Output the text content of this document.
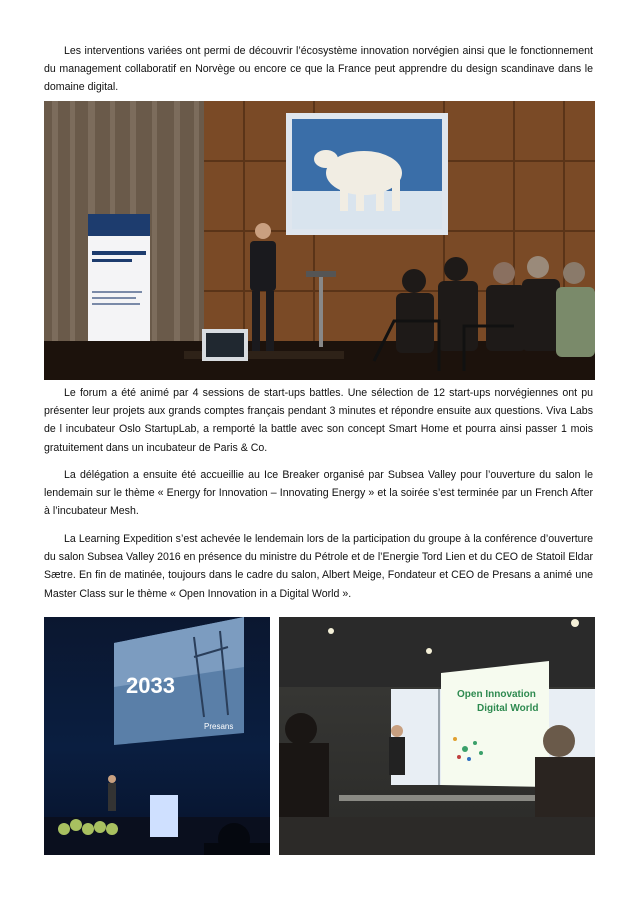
Les interventions variées ont permi de découvrir l’écosystème innovation norvégien ainsi que le fonctionnement du management collaboratif en Norvège ou encore ce que la France peut apprendre du design scandinave dans le domaine digital.

Le forum a été animé par 4 sessions de start-ups battles. Une sélection de 12 start-ups norvégiennes ont pu présenter leur projets aux grands comptes français pendant 3 minutes et répondre ensuite aux questions. Viva Labs de l incubateur Oslo StartupLab, a remporté la battle avec son concept Smart Home et pourra ainsi passer 1 mois gratuitement dans un incubateur de Paris & Co.

La délégation a ensuite été accueillie au Ice Breaker organisé par Subsea Valley pour l’ouverture du salon le lendemain sur le thème « Energy for Innovation – Innovating Energy » et la soirée s’est terminée par un French After à l’incubateur Mesh.

La Learning Expedition s’est achevée le lendemain lors de la participation du groupe à la conférence d’ouverture du salon Subsea Valley 2016 en présence du ministre du Pétrole et de l’Energie Tord Lien et du CEO de Statoil Eldar Sætre. En fin de matinée, toujours dans le cadre du salon, Albert Meige, Fondateur et CEO de Presans a animé une Master Class sur le thème « Open Innovation in a Digital World ».

2033
Presans
Open Innovation
Digital World
